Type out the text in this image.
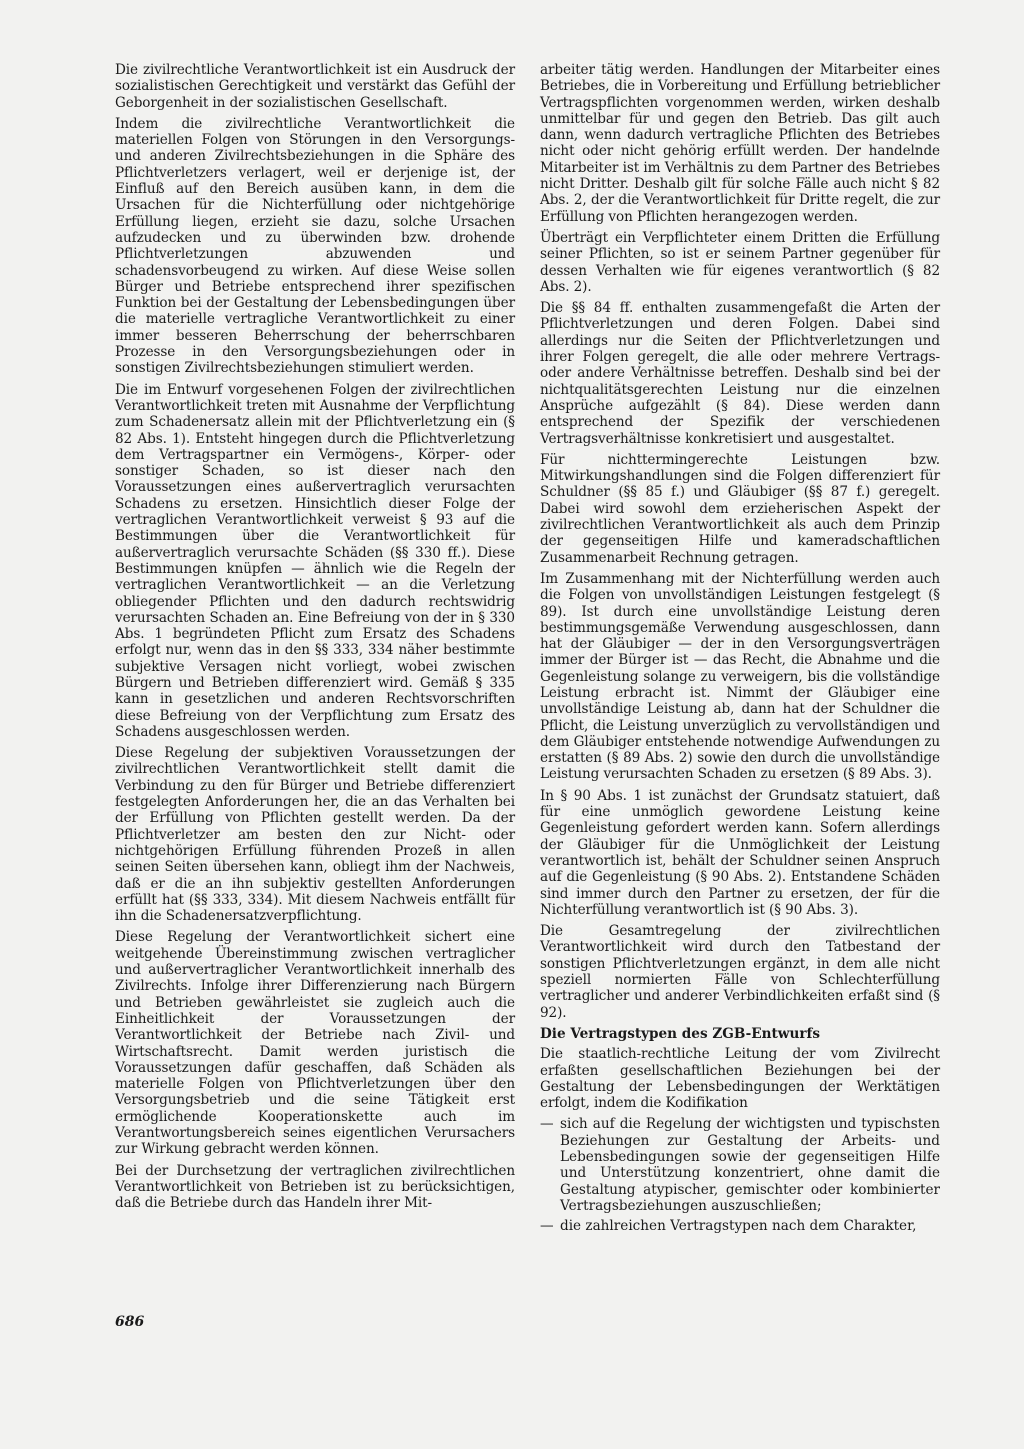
Die zivilrechtliche Verantwortlichkeit ist ein Ausdruck der sozialistischen Gerechtigkeit und verstärkt das Gefühl der Geborgenheit in der sozialistischen Gesellschaft.

Indem die zivilrechtliche Verantwortlichkeit die materiellen Folgen von Störungen in den Versorgungs- und anderen Zivilrechtsbeziehungen in die Sphäre des Pflichtverletzers verlagert, weil er derjenige ist, der Einfluß auf den Bereich ausüben kann, in dem die Ursachen für die Nichterfüllung oder nichtgehörige Erfüllung liegen, erzieht sie dazu, solche Ursachen aufzudecken und zu überwinden bzw. drohende Pflichtverletzungen abzuwenden und schadensvorbeugend zu wirken. Auf diese Weise sollen Bürger und Betriebe entsprechend ihrer spezifischen Funktion bei der Gestaltung der Lebensbedingungen über die materielle vertragliche Verantwortlichkeit zu einer immer besseren Beherrschung der beherrschbaren Prozesse in den Versorgungsbeziehungen oder in sonstigen Zivilrechtsbeziehungen stimuliert werden.

Die im Entwurf vorgesehenen Folgen der zivilrechtlichen Verantwortlichkeit treten mit Ausnahme der Verpflichtung zum Schadenersatz allein mit der Pflichtverletzung ein (§ 82 Abs. 1). Entsteht hingegen durch die Pflichtverletzung dem Vertragspartner ein Vermögens-, Körper- oder sonstiger Schaden, so ist dieser nach den Voraussetzungen eines außervertraglich verursachten Schadens zu ersetzen. Hinsichtlich dieser Folge der vertraglichen Verantwortlichkeit verweist § 93 auf die Bestimmungen über die Verantwortlichkeit für außervertraglich verursachte Schäden (§§ 330 ff.). Diese Bestimmungen knüpfen — ähnlich wie die Regeln der vertraglichen Verantwortlichkeit — an die Verletzung obliegender Pflichten und den dadurch rechtswidrig verursachten Schaden an. Eine Befreiung von der in § 330 Abs. 1 begründeten Pflicht zum Ersatz des Schadens erfolgt nur, wenn das in den §§ 333, 334 näher bestimmte subjektive Versagen nicht vorliegt, wobei zwischen Bürgern und Betrieben differenziert wird. Gemäß § 335 kann in gesetzlichen und anderen Rechtsvorschriften diese Befreiung von der Verpflichtung zum Ersatz des Schadens ausgeschlossen werden.

Diese Regelung der subjektiven Voraussetzungen der zivilrechtlichen Verantwortlichkeit stellt damit die Verbindung zu den für Bürger und Betriebe differenziert festgelegten Anforderungen her, die an das Verhalten bei der Erfüllung von Pflichten gestellt werden. Da der Pflichtverletzer am besten den zur Nicht- oder nichtgehörigen Erfüllung führenden Prozeß in allen seinen Seiten übersehen kann, obliegt ihm der Nachweis, daß er die an ihn subjektiv gestellten Anforderungen erfüllt hat (§§ 333, 334). Mit diesem Nachweis entfällt für ihn die Schadenersatzverpflichtung.

Diese Regelung der Verantwortlichkeit sichert eine weitgehende Übereinstimmung zwischen vertraglicher und außervertraglicher Verantwortlichkeit innerhalb des Zivilrechts. Infolge ihrer Differenzierung nach Bürgern und Betrieben gewährleistet sie zugleich auch die Einheitlichkeit der Voraussetzungen der Verantwortlichkeit der Betriebe nach Zivil- und Wirtschaftsrecht. Damit werden juristisch die Voraussetzungen dafür geschaffen, daß Schäden als materielle Folgen von Pflichtverletzungen über den Versorgungsbetrieb und die seine Tätigkeit erst ermöglichende Kooperationskette auch im Verantwortungsbereich seines eigentlichen Verursachers zur Wirkung gebracht werden können.

Bei der Durchsetzung der vertraglichen zivilrechtlichen Verantwortlichkeit von Betrieben ist zu berücksichtigen, daß die Betriebe durch das Handeln ihrer Mit-

arbeiter tätig werden. Handlungen der Mitarbeiter eines Betriebes, die in Vorbereitung und Erfüllung betrieblicher Vertragspflichten vorgenommen werden, wirken deshalb unmittelbar für und gegen den Betrieb. Das gilt auch dann, wenn dadurch vertragliche Pflichten des Betriebes nicht oder nicht gehörig erfüllt werden. Der handelnde Mitarbeiter ist im Verhältnis zu dem Partner des Betriebes nicht Dritter. Deshalb gilt für solche Fälle auch nicht § 82 Abs. 2, der die Verantwortlichkeit für Dritte regelt, die zur Erfüllung von Pflichten herangezogen werden.

Überträgt ein Verpflichteter einem Dritten die Erfüllung seiner Pflichten, so ist er seinem Partner gegenüber für dessen Verhalten wie für eigenes verantwortlich (§ 82 Abs. 2).

Die §§ 84 ff. enthalten zusammengefaßt die Arten der Pflichtverletzungen und deren Folgen. Dabei sind allerdings nur die Seiten der Pflichtverletzungen und ihrer Folgen geregelt, die alle oder mehrere Vertrags- oder andere Verhältnisse betreffen. Deshalb sind bei der nichtqualitätsgerechten Leistung nur die einzelnen Ansprüche aufgezählt (§ 84). Diese werden dann entsprechend der Spezifik der verschiedenen Vertragsverhältnisse konkretisiert und ausgestaltet.

Für nichttermingerechte Leistungen bzw. Mitwirkungshandlungen sind die Folgen differenziert für Schuldner (§§ 85 f.) und Gläubiger (§§ 87 f.) geregelt. Dabei wird sowohl dem erzieherischen Aspekt der zivilrechtlichen Verantwortlichkeit als auch dem Prinzip der gegenseitigen Hilfe und kameradschaftlichen Zusammenarbeit Rechnung getragen.

Im Zusammenhang mit der Nichterfüllung werden auch die Folgen von unvollständigen Leistungen festgelegt (§ 89). Ist durch eine unvollständige Leistung deren bestimmungsgemäße Verwendung ausgeschlossen, dann hat der Gläubiger — der in den Versorgungsverträgen immer der Bürger ist — das Recht, die Abnahme und die Gegenleistung solange zu verweigern, bis die vollständige Leistung erbracht ist. Nimmt der Gläubiger eine unvollständige Leistung ab, dann hat der Schuldner die Pflicht, die Leistung unverzüglich zu vervollständigen und dem Gläubiger entstehende notwendige Aufwendungen zu erstatten (§ 89 Abs. 2) sowie den durch die unvollständige Leistung verursachten Schaden zu ersetzen (§ 89 Abs. 3).

In § 90 Abs. 1 ist zunächst der Grundsatz statuiert, daß für eine unmöglich gewordene Leistung keine Gegenleistung gefordert werden kann. Sofern allerdings der Gläubiger für die Unmöglichkeit der Leistung verantwortlich ist, behält der Schuldner seinen Anspruch auf die Gegenleistung (§ 90 Abs. 2). Entstandene Schäden sind immer durch den Partner zu ersetzen, der für die Nichterfüllung verantwortlich ist (§ 90 Abs. 3).

Die Gesamtregelung der zivilrechtlichen Verantwortlichkeit wird durch den Tatbestand der sonstigen Pflichtverletzungen ergänzt, in dem alle nicht speziell normierten Fälle von Schlechterfüllung vertraglicher und anderer Verbindlichkeiten erfaßt sind (§ 92).

Die Vertragstypen des ZGB-Entwurfs

Die staatlich-rechtliche Leitung der vom Zivilrecht erfaßten gesellschaftlichen Beziehungen bei der Gestaltung der Lebensbedingungen der Werktätigen erfolgt, indem die Kodifikation

— sich auf die Regelung der wichtigsten und typischsten Beziehungen zur Gestaltung der Arbeits- und Lebensbedingungen sowie der gegenseitigen Hilfe und Unterstützung konzentriert, ohne damit die Gestaltung atypischer, gemischter oder kombinierter Vertragsbeziehungen auszuschließen;
— die zahlreichen Vertragstypen nach dem Charakter,
686
